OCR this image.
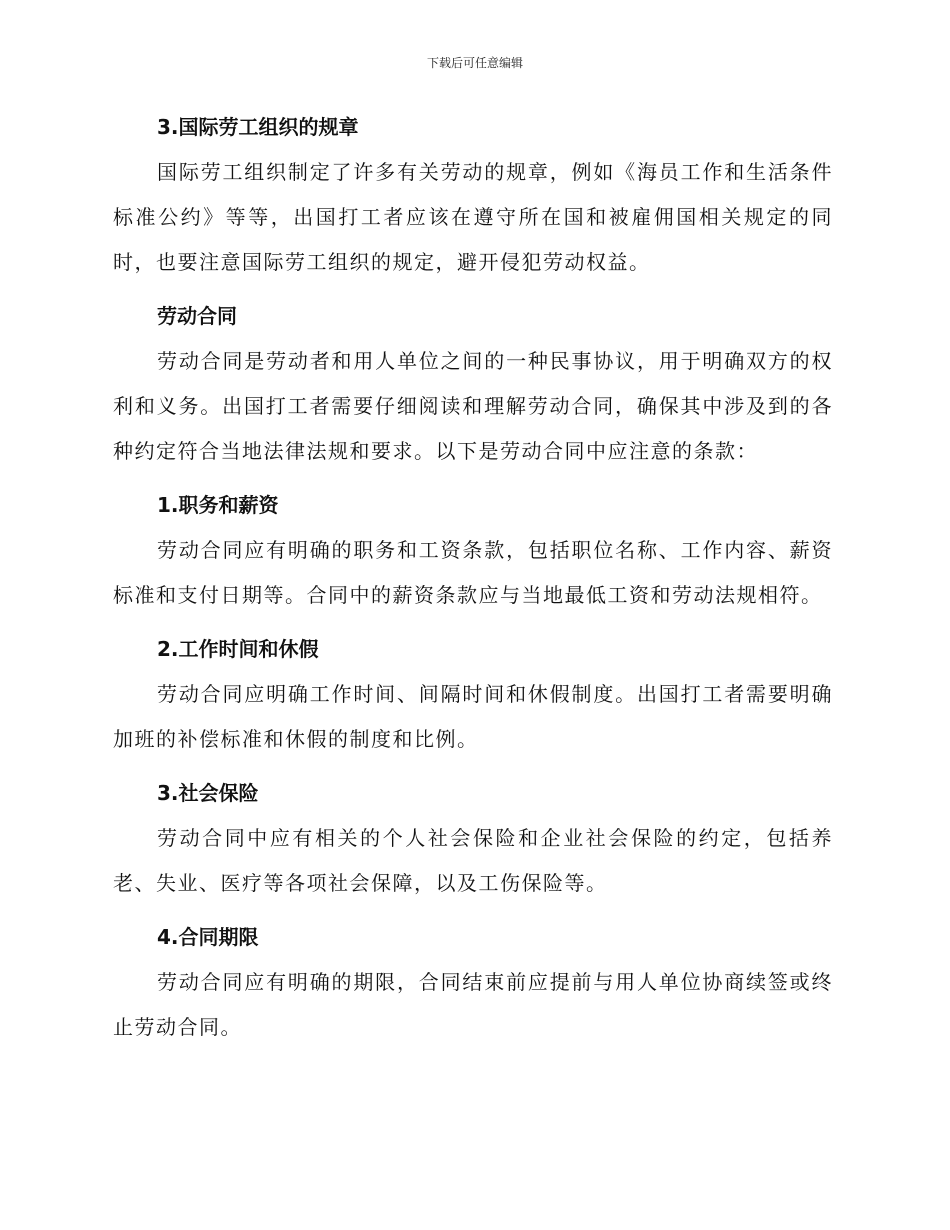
下载后可任意编辑
3.国际劳工组织的规章

国际劳工组织制定了许多有关劳动的规章，例如《海员工作和生活条件标准公约》等等，出国打工者应该在遵守所在国和被雇佣国相关规定的同时，也要注意国际劳工组织的规定，避开侵犯劳动权益。

劳动合同

劳动合同是劳动者和用人单位之间的一种民事协议，用于明确双方的权利和义务。出国打工者需要仔细阅读和理解劳动合同，确保其中涉及到的各种约定符合当地法律法规和要求。以下是劳动合同中应注意的条款：

1.职务和薪资

劳动合同应有明确的职务和工资条款，包括职位名称、工作内容、薪资标准和支付日期等。合同中的薪资条款应与当地最低工资和劳动法规相符。

2.工作时间和休假

劳动合同应明确工作时间、间隔时间和休假制度。出国打工者需要明确加班的补偿标准和休假的制度和比例。

3.社会保险

劳动合同中应有相关的个人社会保险和企业社会保险的约定，包括养老、失业、医疗等各项社会保障，以及工伤保险等。

4.合同期限

劳动合同应有明确的期限，合同结束前应提前与用人单位协商续签或终止劳动合同。
